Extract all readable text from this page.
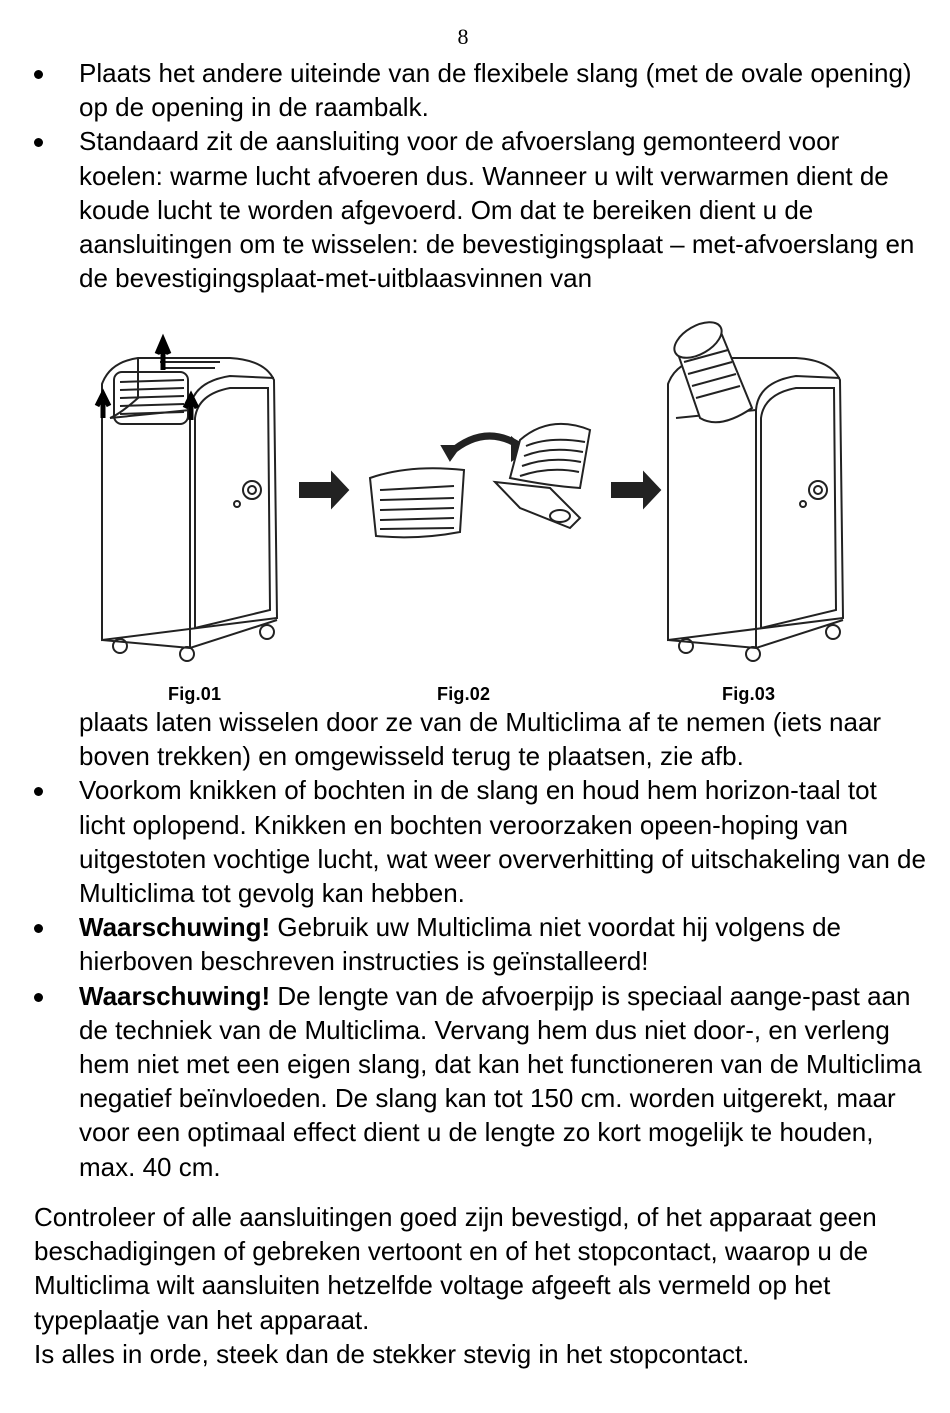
8
Plaats het andere uiteinde van de flexibele slang (met de ovale opening) op de opening in de raambalk.
Standaard zit de aansluiting voor de afvoerslang gemonteerd voor koelen: warme lucht afvoeren dus. Wanneer u wilt verwarmen dient de koude lucht te worden afgevoerd. Om dat te bereiken dient u de aansluitingen om te wisselen: de bevestigingsplaat – met-afvoerslang en de bevestigingsplaat-met-uitblaasvinnen van
Fig.01	Fig.02	Fig.03
plaats laten wisselen door ze van de Multiclima af te nemen (iets naar boven trekken) en omgewisseld terug te plaatsen, zie afb.
Voorkom knikken of bochten in de slang en houd hem horizon-taal tot licht oplopend. Knikken en bochten veroorzaken opeen-hoping van uitgestoten vochtige lucht, wat weer oververhitting of uitschakeling van de Multiclima tot gevolg kan hebben.
Waarschuwing! Gebruik uw Multiclima niet voordat hij volgens de hierboven beschreven instructies is geïnstalleerd!
Waarschuwing! De lengte van de afvoerpijp is speciaal aange-past aan de techniek van de Multiclima. Vervang hem dus niet door-, en verleng hem niet met een eigen slang, dat kan het functioneren van de Multiclima negatief beïnvloeden. De slang kan tot 150 cm. worden uitgerekt, maar voor een optimaal effect dient u de lengte zo kort mogelijk te houden, max. 40 cm.

Controleer of alle aansluitingen goed zijn bevestigd, of het apparaat geen beschadigingen of gebreken vertoont en of het stopcontact, waarop u de Multiclima wilt aansluiten hetzelfde voltage afgeeft als vermeld op het typeplaatje van het apparaat.

Is alles in orde, steek dan de stekker stevig in het stopcontact.
